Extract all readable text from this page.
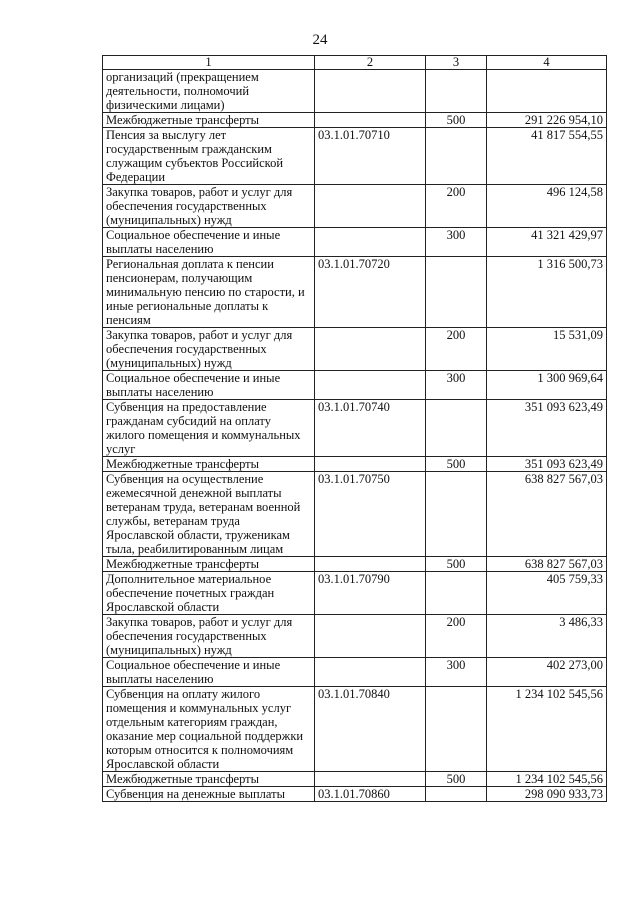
24
1	2	3	4
организаций (прекращением деятельности, полномочий физическими лицами)			
Межбюджетные трансферты		500	291 226 954,10
Пенсия за выслугу лет государственным гражданским служащим субъектов Российской Федерации	03.1.01.70710		41 817 554,55
Закупка товаров, работ и услуг для обеспечения государственных (муниципальных) нужд		200	496 124,58
Социальное обеспечение и иные выплаты населению		300	41 321 429,97
Региональная доплата к пенсии пенсионерам, получающим минимальную пенсию по старости, и иные региональные доплаты к пенсиям	03.1.01.70720		1 316 500,73
Закупка товаров, работ и услуг для обеспечения государственных (муниципальных) нужд		200	15 531,09
Социальное обеспечение и иные выплаты населению		300	1 300 969,64
Субвенция на предоставление гражданам субсидий на оплату жилого помещения и коммунальных услуг	03.1.01.70740		351 093 623,49
Межбюджетные трансферты		500	351 093 623,49
Субвенция на осуществление ежемесячной денежной выплаты ветеранам труда, ветеранам военной службы, ветеранам труда Ярославской области, труженикам тыла, реабилитированным лицам	03.1.01.70750		638 827 567,03
Межбюджетные трансферты		500	638 827 567,03
Дополнительное материальное обеспечение почетных граждан Ярославской области	03.1.01.70790		405 759,33
Закупка товаров, работ и услуг для обеспечения государственных (муниципальных) нужд		200	3 486,33
Социальное обеспечение и иные выплаты населению		300	402 273,00
Субвенция на оплату жилого помещения и коммунальных услуг отдельным категориям граждан, оказание мер социальной поддержки которым относится к полномочиям Ярославской области	03.1.01.70840		1 234 102 545,56
Межбюджетные трансферты		500	1 234 102 545,56
Субвенция на денежные выплаты	03.1.01.70860		298 090 933,73
